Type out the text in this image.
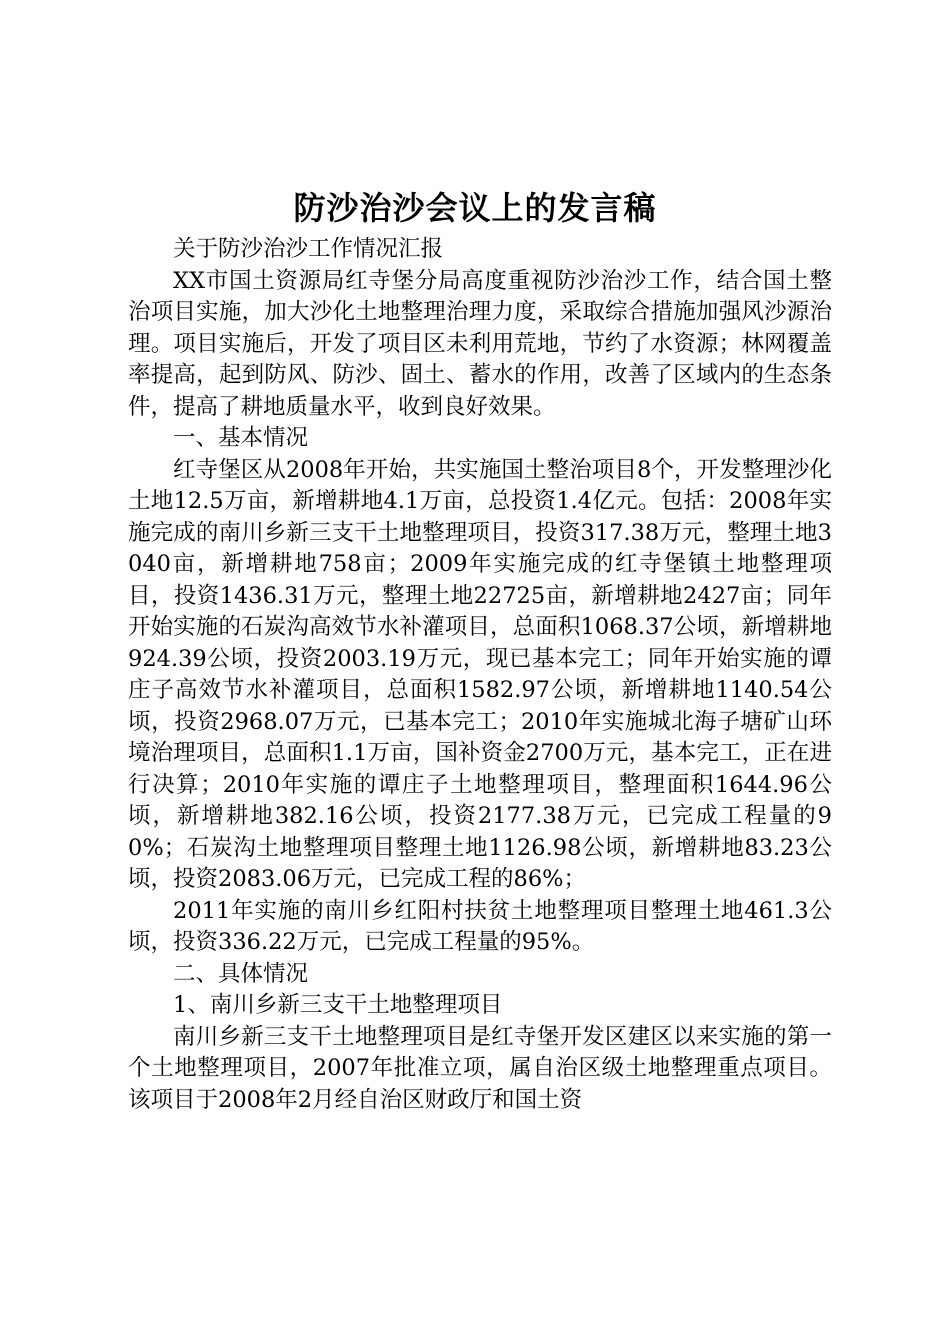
防沙治沙会议上的发言稿

关于防沙治沙工作情况汇报

XX市国土资源局红寺堡分局高度重视防沙治沙工作，结合国土整治项目实施，加大沙化土地整理治理力度，采取综合措施加强风沙源治理。项目实施后，开发了项目区未利用荒地，节约了水资源；林网覆盖率提高，起到防风、防沙、固土、蓄水的作用，改善了区域内的生态条件，提高了耕地质量水平，收到良好效果。

一、基本情况

红寺堡区从2008年开始，共实施国土整治项目8个，开发整理沙化土地12.5万亩，新增耕地4.1万亩，总投资1.4亿元。包括：2008年实施完成的南川乡新三支干土地整理项目，投资317.38万元，整理土地3040亩，新增耕地758亩；2009年实施完成的红寺堡镇土地整理项目，投资1436.31万元，整理土地22725亩，新增耕地2427亩；同年开始实施的石炭沟高效节水补灌项目，总面积1068.37公顷，新增耕地924.39公顷，投资2003.19万元，现已基本完工；同年开始实施的谭庄子高效节水补灌项目，总面积1582.97公顷，新增耕地1140.54公顷，投资2968.07万元，已基本完工；2010年实施城北海子塘矿山环境治理项目，总面积1.1万亩，国补资金2700万元，基本完工，正在进行决算；2010年实施的谭庄子土地整理项目，整理面积1644.96公顷，新增耕地382.16公顷，投资2177.38万元，已完成工程量的90%；石炭沟土地整理项目整理土地1126.98公顷，新增耕地83.23公顷，投资2083.06万元，已完成工程的86%；

2011年实施的南川乡红阳村扶贫土地整理项目整理土地461.3公顷，投资336.22万元，已完成工程量的95%。

二、具体情况

1、南川乡新三支干土地整理项目

南川乡新三支干土地整理项目是红寺堡开发区建区以来实施的第一个土地整理项目，2007年批准立项，属自治区级土地整理重点项目。该项目于2008年2月经自治区财政厅和国土资
